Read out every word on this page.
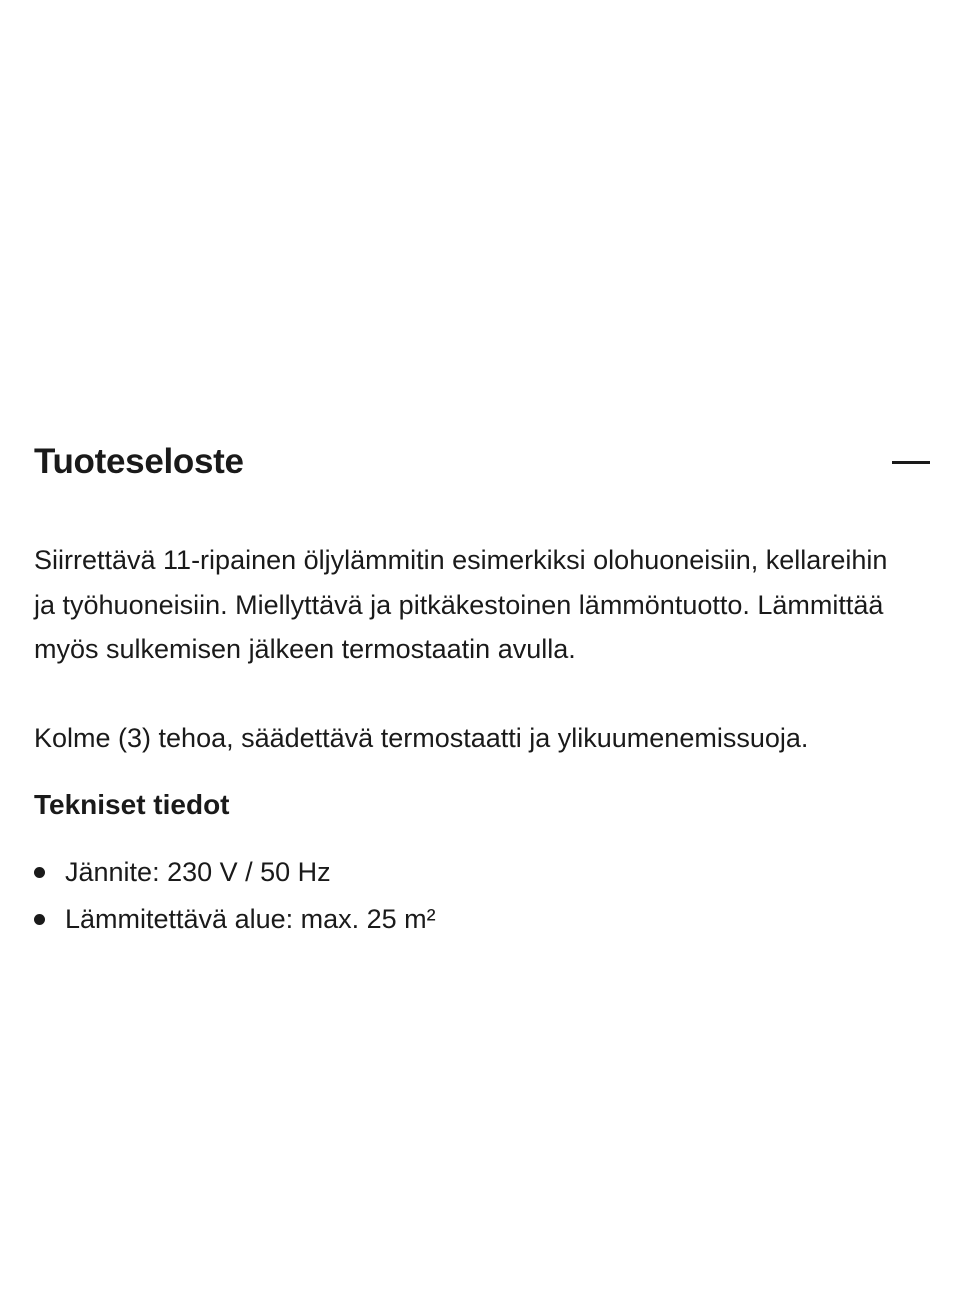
Tuoteseloste

Siirrettävä 11-ripainen öljylämmitin esimerkiksi olohuoneisiin, kellareihin ja työhuoneisiin. Miellyttävä ja pitkäkestoinen lämmöntuotto. Lämmittää myös sulkemisen jälkeen termostaatin avulla.

Kolme (3) tehoa, säädettävä termostaatti ja ylikuumenemissuoja.

Tekniset tiedot
Jännite: 230 V / 50 Hz
Lämmitettävä alue: max. 25 m²
